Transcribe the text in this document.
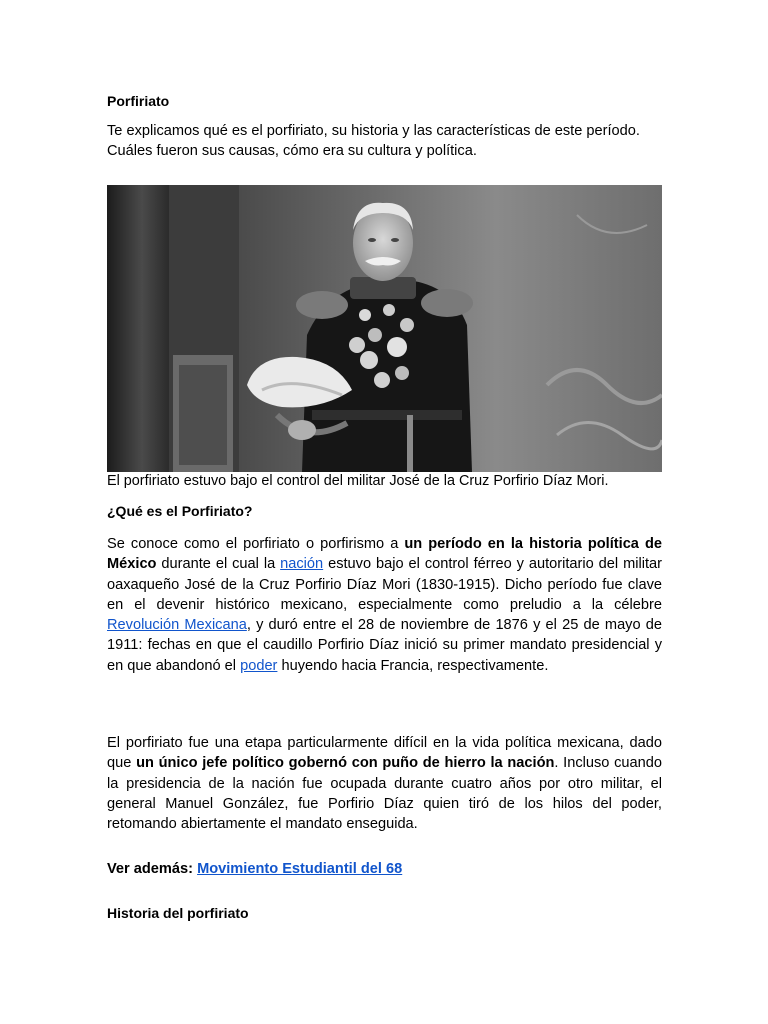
Porfiriato

Te explicamos qué es el porfiriato, su historia y las características de este período. Cuáles fueron sus causas, cómo era su cultura y política.

El porfiriato estuvo bajo el control del militar José de la Cruz Porfirio Díaz Mori.
¿Qué es el Porfiriato?

Se conoce como el porfiriato o porfirismo a un período en la historia política de México durante el cual la nación estuvo bajo el control férreo y autoritario del militar oaxaqueño José de la Cruz Porfirio Díaz Mori (1830-1915). Dicho período fue clave en el devenir histórico mexicano, especialmente como preludio a la célebre Revolución Mexicana, y duró entre el 28 de noviembre de 1876 y el 25 de mayo de 1911: fechas en que el caudillo Porfirio Díaz inició su primer mandato presidencial y en que abandonó el poder huyendo hacia Francia, respectivamente.

El porfiriato fue una etapa particularmente difícil en la vida política mexicana, dado que un único jefe político gobernó con puño de hierro la nación. Incluso cuando la presidencia de la nación fue ocupada durante cuatro años por otro militar, el general Manuel González, fue Porfirio Díaz quien tiró de los hilos del poder, retomando abiertamente el mandato enseguida.

Ver además: Movimiento Estudiantil del 68

Historia del porfiriato
